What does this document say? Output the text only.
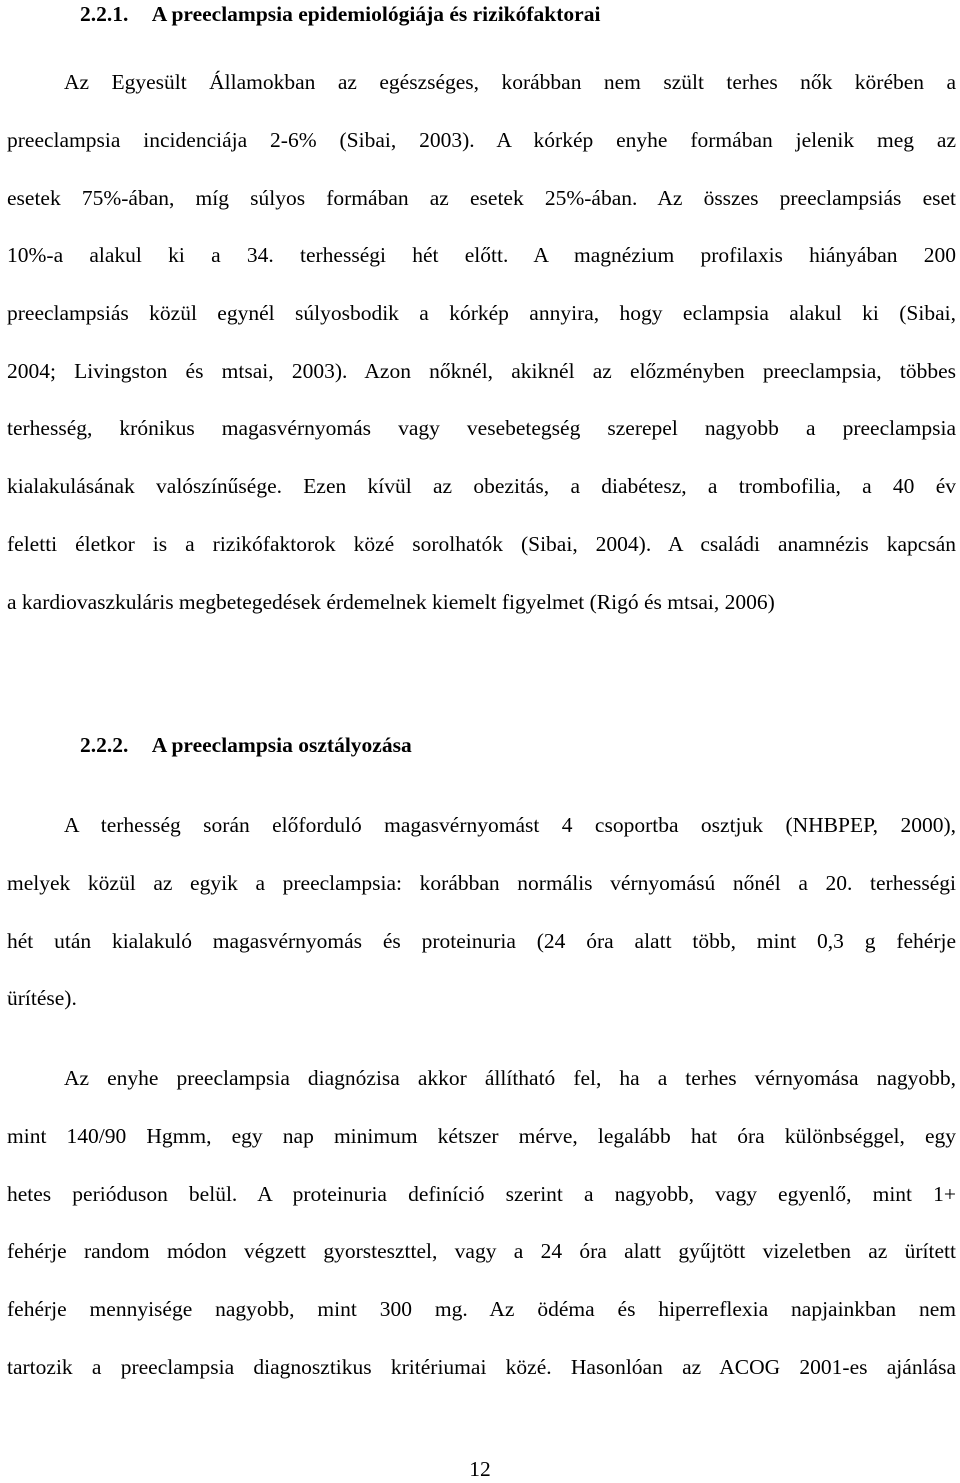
2.2.1. A preeclampsia epidemiológiája és rizikófaktorai
Az Egyesült Államokban az egészséges, korábban nem szült terhes nők körében a
preeclampsia incidenciája 2-6% (Sibai, 2003). A kórkép enyhe formában jelenik meg az
esetek 75%-ában, míg súlyos formában az esetek 25%-ában. Az összes preeclampsiás eset
10%-a alakul ki a 34. terhességi hét előtt. A magnézium profilaxis hiányában 200
preeclampsiás közül egynél súlyosbodik a kórkép annyira, hogy eclampsia alakul ki (Sibai,
2004; Livingston és mtsai, 2003). Azon nőknél, akiknél az előzményben preeclampsia, többes
terhesség, krónikus magasvérnyomás vagy vesebetegség szerepel nagyobb a preeclampsia
kialakulásának valószínűsége. Ezen kívül az obezitás, a diabétesz, a trombofilia, a 40 év
feletti életkor is a rizikófaktorok közé sorolhatók (Sibai, 2004). A családi anamnézis kapcsán
a kardiovaszkuláris megbetegedések érdemelnek kiemelt figyelmet (Rigó és mtsai, 2006)
2.2.2. A preeclampsia osztályozása
A terhesség során előforduló magasvérnyomást 4 csoportba osztjuk (NHBPEP, 2000),
melyek közül az egyik a preeclampsia: korábban normális vérnyomású nőnél a 20. terhességi
hét után kialakuló magasvérnyomás és proteinuria (24 óra alatt több, mint 0,3 g fehérje
ürítése).
Az enyhe preeclampsia diagnózisa akkor állítható fel, ha a terhes vérnyomása nagyobb,
mint 140/90 Hgmm, egy nap minimum kétszer mérve, legalább hat óra különbséggel, egy
hetes perióduson belül. A proteinuria definíció szerint a nagyobb, vagy egyenlő, mint 1+
fehérje random módon végzett gyorsteszttel, vagy a 24 óra alatt gyűjtött vizeletben az ürített
fehérje mennyisége nagyobb, mint 300 mg. Az ödéma és hiperreflexia napjainkban nem
tartozik a preeclampsia diagnosztikus kritériumai közé. Hasonlóan az ACOG 2001-es ajánlása
12
